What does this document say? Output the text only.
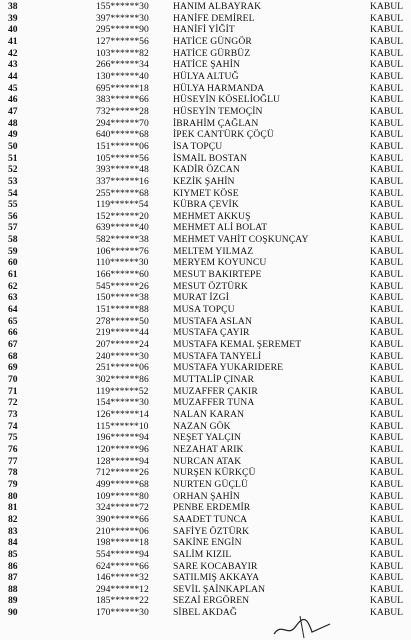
38	155******30	HANIM ALBAYRAK	KABUL
39	397******30	HANİFE DEMİREL	KABUL
40	295******90	HANİFİ YİĞİT	KABUL
41	127******56	HATİCE GÜNGÖR	KABUL
42	103******82	HATİCE GÜRBÜZ	KABUL
43	266******34	HATİCE ŞAHİN	KABUL
44	130******40	HÜLYA ALTUĞ	KABUL
45	695******18	HÜLYA HARMANDA	KABUL
46	383******66	HÜSEYİN KÖSELİOĞLU	KABUL
47	732******28	HÜSEYİN TEMOÇİN	KABUL
48	294******70	İBRAHİM ÇAĞLAN	KABUL
49	640******68	İPEK CANTÜRK ÇÖÇÜ	KABUL
50	151******06	İSA TOPÇU	KABUL
51	105******56	İSMAİL BOSTAN	KABUL
52	393******48	KADİR ÖZCAN	KABUL
53	337******16	KEZİK ŞAHİN	KABUL
54	255******68	KIYMET KÖSE	KABUL
55	119******54	KÜBRA ÇEVİK	KABUL
56	152******20	MEHMET AKKUŞ	KABUL
57	639******40	MEHMET ALİ BOLAT	KABUL
58	582******38	MEHMET VAHİT COŞKUNÇAY	KABUL
59	106******76	MELTEM YILMAZ	KABUL
60	110******30	MERYEM KOYUNCU	KABUL
61	166******60	MESUT BAKIRTEPE	KABUL
62	545******26	MESUT ÖZTÜRK	KABUL
63	150******38	MURAT İZGİ	KABUL
64	151******88	MUSA TOPÇU	KABUL
65	278******50	MUSTAFA ASLAN	KABUL
66	219******44	MUSTAFA ÇAYIR	KABUL
67	207******24	MUSTAFA KEMAL ŞEREMET	KABUL
68	240******30	MUSTAFA TANYELİ	KABUL
69	251******06	MUSTAFA YUKARIDERE	KABUL
70	302******86	MUTTALİP ÇINAR	KABUL
71	119******52	MUZAFFER ÇAKIR	KABUL
72	154******30	MUZAFFER TUNA	KABUL
73	126******14	NALAN KARAN	KABUL
74	115******10	NAZAN GÖK	KABUL
75	196******94	NEŞET YALÇIN	KABUL
76	120******96	NEZAHAT ARIK	KABUL
77	128******94	NURCAN ATAK	KABUL
78	712******26	NURŞEN KÜRKÇÜ	KABUL
79	499******68	NURTEN GÜÇLÜ	KABUL
80	109******80	ORHAN ŞAHİN	KABUL
81	324******72	PENBE ERDEMİR	KABUL
82	390******66	SAADET TUNCA	KABUL
83	210******06	SAFİYE ÖZTÜRK	KABUL
84	198******18	SAKİNE ENGİN	KABUL
85	554******94	SALİM KIZIL	KABUL
86	624******66	SARE KOCABAYIR	KABUL
87	146******32	SATILMIŞ AKKAYA	KABUL
88	294******12	SEVİL ŞAİNKAPLAN	KABUL
89	185******22	SEZAİ ERGÖREN	KABUL
90	170******30	SİBEL AKDAĞ	KABUL
